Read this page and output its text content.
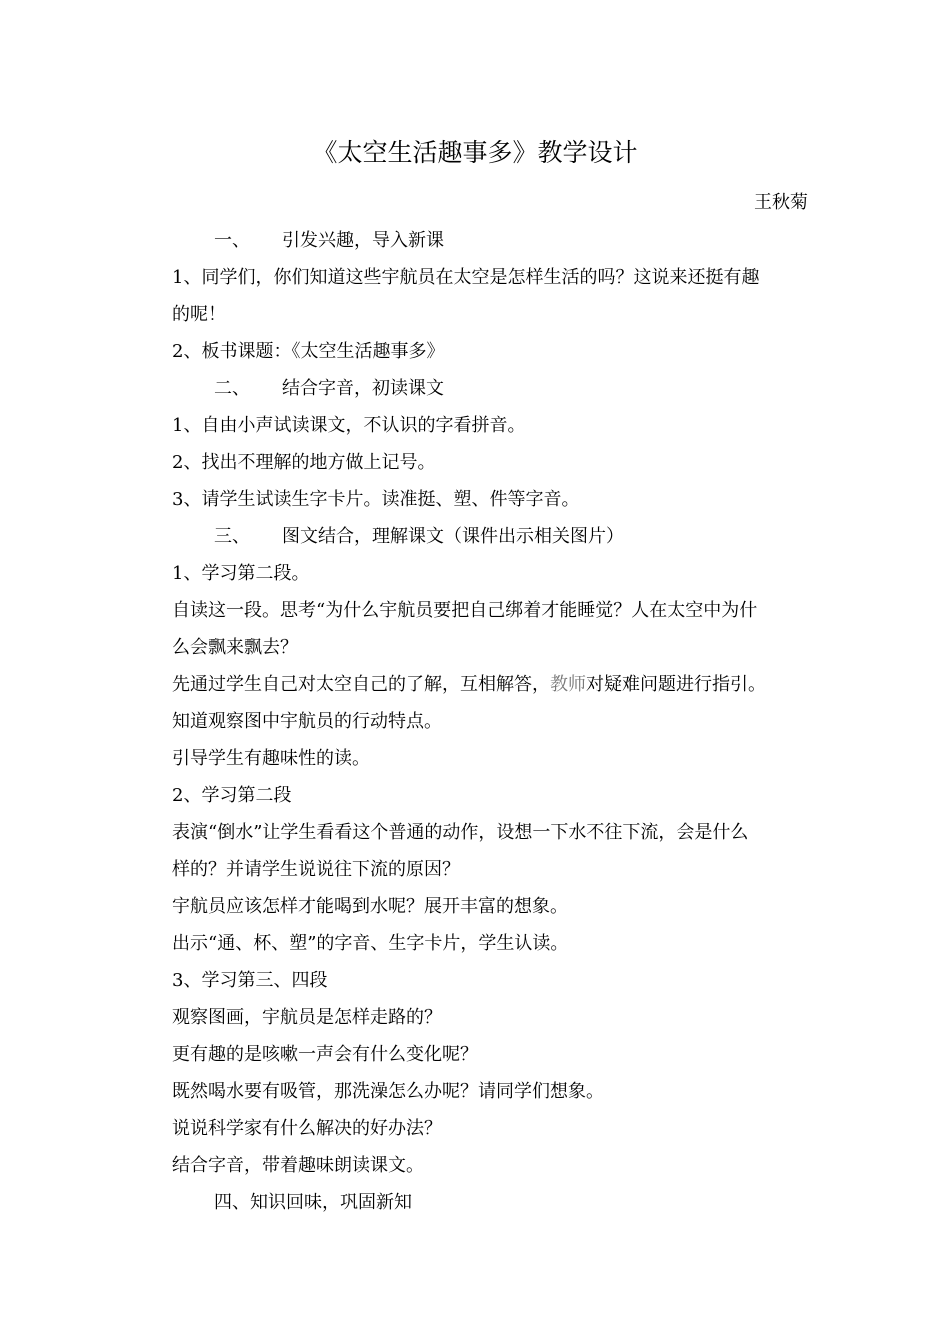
《太空生活趣事多》教学设计
王秋菊
一、 引发兴趣，导入新课
1、同学们，你们知道这些宇航员在太空是怎样生活的吗？这说来还挺有趣
的呢！
2、板书课题：《太空生活趣事多》
二、 结合字音，初读课文
1、自由小声试读课文，不认识的字看拼音。
2、找出不理解的地方做上记号。
3、请学生试读生字卡片。读准挺、塑、件等字音。
三、 图文结合，理解课文（课件出示相关图片）
1、学习第二段。
自读这一段。思考“为什么宇航员要把自己绑着才能睡觉？人在太空中为什
么会飘来飘去？
先通过学生自己对太空自己的了解，互相解答，教师对疑难问题进行指引。
知道观察图中宇航员的行动特点。
引导学生有趣味性的读。
2、学习第二段
表演“倒水”让学生看看这个普通的动作，设想一下水不往下流，会是什么
样的？并请学生说说往下流的原因？
宇航员应该怎样才能喝到水呢？展开丰富的想象。
出示“通、杯、塑”的字音、生字卡片，学生认读。
3、学习第三、四段
观察图画，宇航员是怎样走路的？
更有趣的是咳嗽一声会有什么变化呢？
既然喝水要有吸管，那洗澡怎么办呢？请同学们想象。
说说科学家有什么解决的好办法？
结合字音，带着趣味朗读课文。
四、知识回味，巩固新知
